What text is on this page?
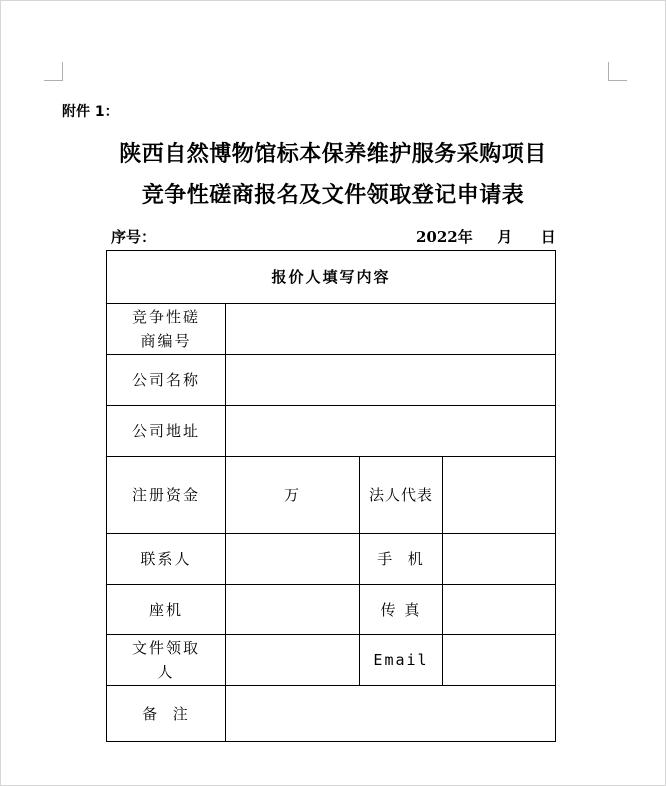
附件 1：
陕西自然博物馆标本保养维护服务采购项目
竞争性磋商报名及文件领取登记申请表
序号：	2022年 月 日
报价人填写内容			

竞争性磋商编号			

公司名称			
公司地址			
注册资金	万	法人代表	
联系人		手  机	
座机		传 真	

文件领取人		Email	
备  注			
